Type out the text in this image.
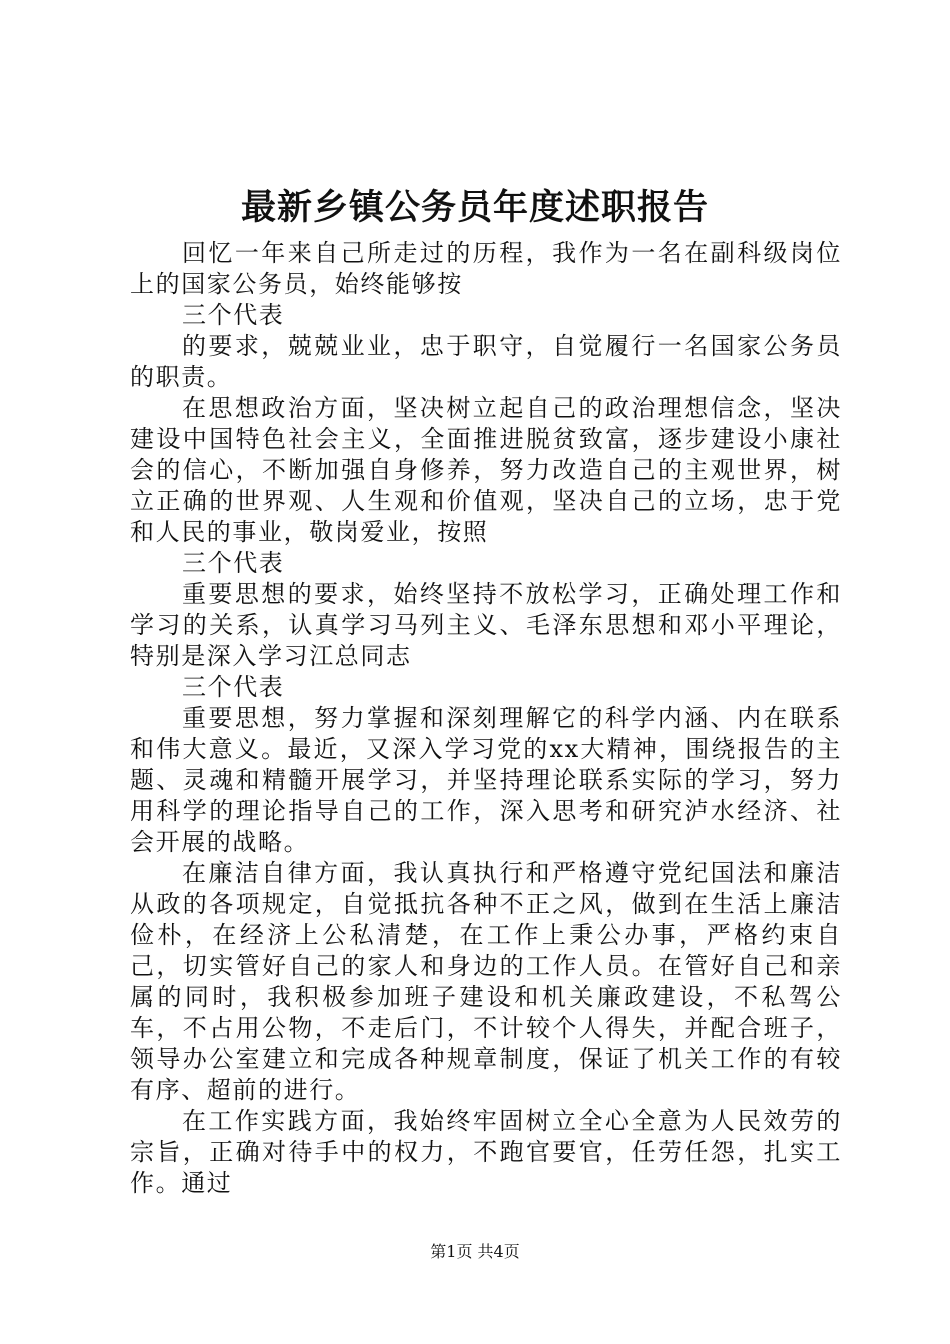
最新乡镇公务员年度述职报告

回忆一年来自己所走过的历程，我作为一名在副科级岗位上的国家公务员，始终能够按

三个代表

的要求，兢兢业业，忠于职守，自觉履行一名国家公务员的职责。

在思想政治方面，坚决树立起自己的政治理想信念，坚决建设中国特色社会主义，全面推进脱贫致富，逐步建设小康社会的信心，不断加强自身修养，努力改造自己的主观世界，树立正确的世界观、人生观和价值观，坚决自己的立场，忠于党和人民的事业，敬岗爱业，按照

三个代表

重要思想的要求，始终坚持不放松学习，正确处理工作和学习的关系，认真学习马列主义、毛泽东思想和邓小平理论，特别是深入学习江总同志

三个代表

重要思想，努力掌握和深刻理解它的科学内涵、内在联系和伟大意义。最近，又深入学习党的xx大精神，围绕报告的主题、灵魂和精髓开展学习，并坚持理论联系实际的学习，努力用科学的理论指导自己的工作，深入思考和研究泸水经济、社会开展的战略。

在廉洁自律方面，我认真执行和严格遵守党纪国法和廉洁从政的各项规定，自觉抵抗各种不正之风，做到在生活上廉洁俭朴，在经济上公私清楚，在工作上秉公办事，严格约束自己，切实管好自己的家人和身边的工作人员。在管好自己和亲属的同时，我积极参加班子建设和机关廉政建设，不私驾公车，不占用公物，不走后门，不计较个人得失，并配合班子，领导办公室建立和完成各种规章制度，保证了机关工作的有较有序、超前的进行。

在工作实践方面，我始终牢固树立全心全意为人民效劳的宗旨，正确对待手中的权力，不跑官要官，任劳任怨，扎实工作。通过

第1页 共4页
